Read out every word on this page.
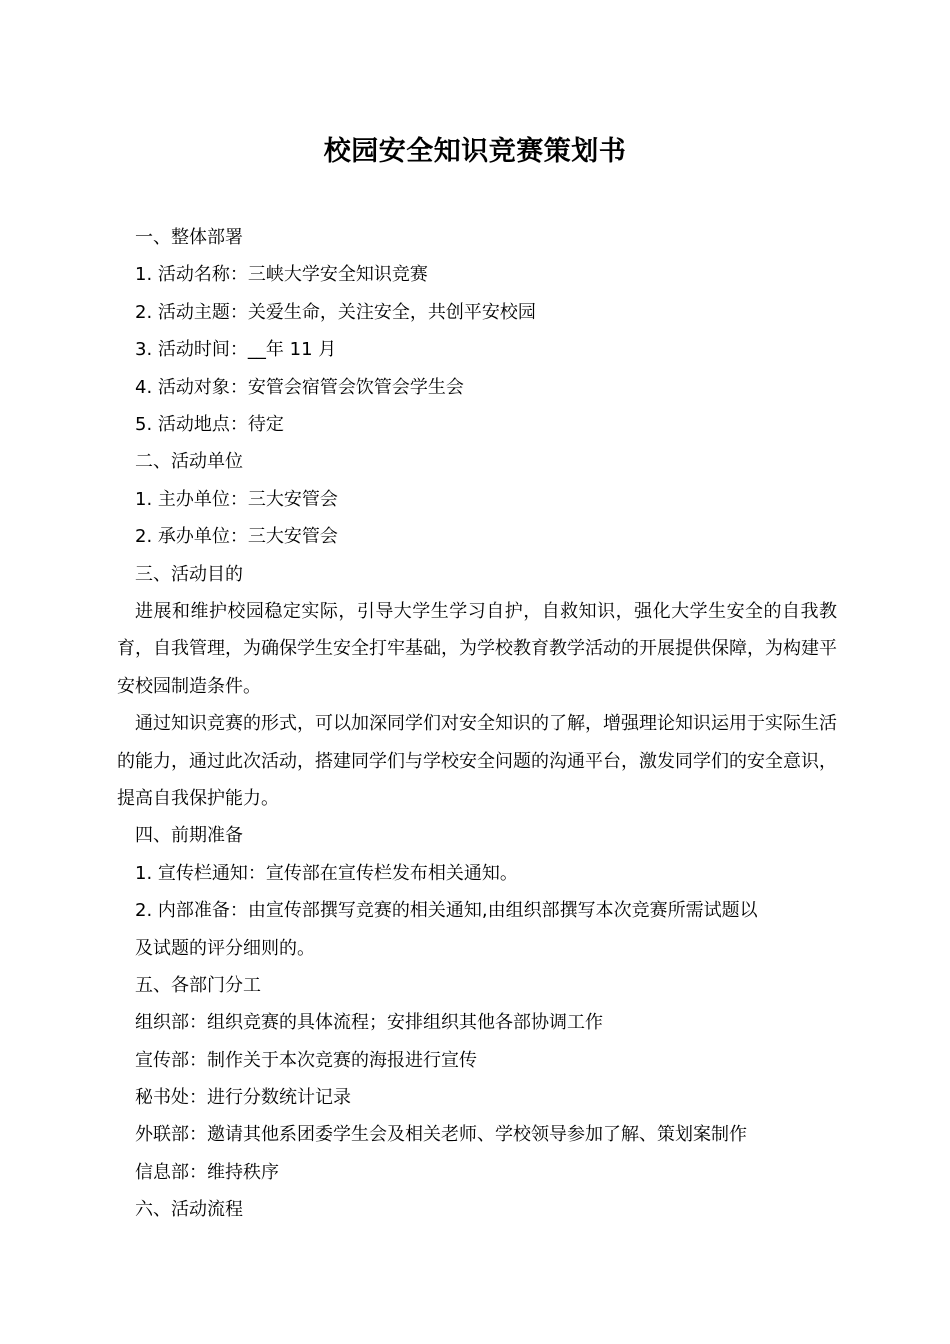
校园安全知识竞赛策划书
一、整体部署
1. 活动名称：三峡大学安全知识竞赛
2. 活动主题：关爱生命，关注安全，共创平安校园
3. 活动时间：__年 11 月
4. 活动对象：安管会宿管会饮管会学生会
5. 活动地点：待定
二、活动单位
1. 主办单位：三大安管会
2. 承办单位：三大安管会
三、活动目的
进展和维护校园稳定实际，引导大学生学习自护，自救知识，强化大学生安全的自我教育，自我管理，为确保学生安全打牢基础，为学校教育教学活动的开展提供保障，为构建平安校园制造条件。
通过知识竞赛的形式，可以加深同学们对安全知识的了解，增强理论知识运用于实际生活的能力，通过此次活动，搭建同学们与学校安全问题的沟通平台，激发同学们的安全意识，提高自我保护能力。
四、前期准备
1. 宣传栏通知：宣传部在宣传栏发布相关通知。
2. 内部准备：由宣传部撰写竞赛的相关通知,由组织部撰写本次竞赛所需试题以
及试题的评分细则的。
五、各部门分工
组织部：组织竞赛的具体流程；安排组织其他各部协调工作
宣传部：制作关于本次竞赛的海报进行宣传
秘书处：进行分数统计记录
外联部：邀请其他系团委学生会及相关老师、学校领导参加了解、策划案制作
信息部：维持秩序
六、活动流程
